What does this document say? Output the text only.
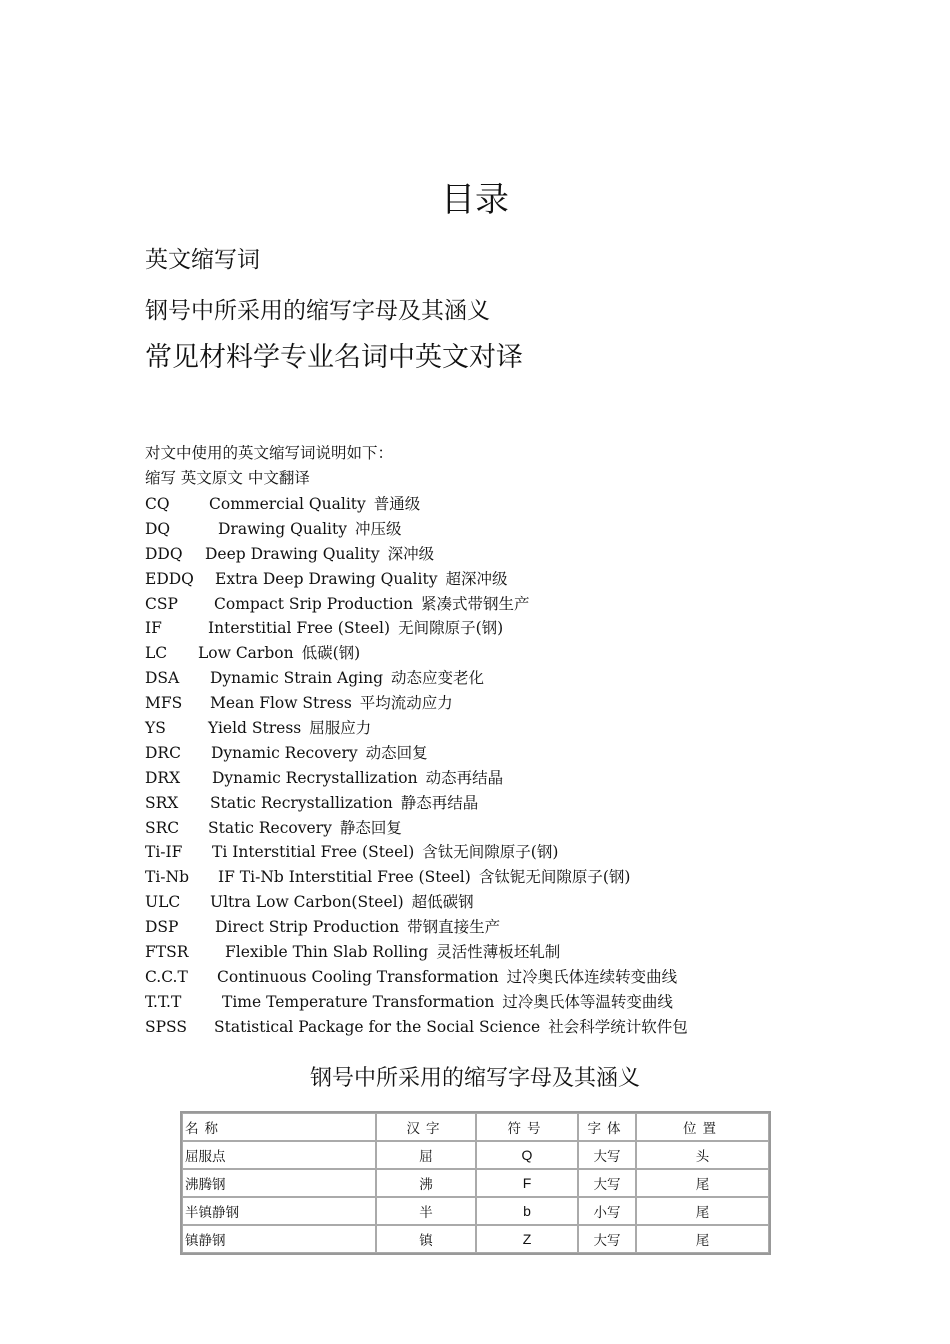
目录
英文缩写词
钢号中所采用的缩写字母及其涵义
常见材料学专业名词中英文对译
对文中使用的英文缩写词说明如下：
缩写 英文原文 中文翻译
CQ	Commercial Quality 普通级
DQ	Drawing Quality 冲压级
DDQ Deep Drawing Quality 深冲级
EDDQ Extra Deep Drawing Quality 超深冲级
CSP Compact Srip Production 紧凑式带钢生产
IF	Interstitial Free (Steel) 无间隙原子(钢)
LC Low Carbon 低碳(钢)
DSA Dynamic Strain Aging 动态应变老化
MFS Mean Flow Stress 平均流动应力
YS	Yield Stress 屈服应力
DRC Dynamic Recovery 动态回复
DRX Dynamic Recrystallization 动态再结晶
SRX Static Recrystallization 静态再结晶
SRC Static Recovery 静态回复
Ti-IF Ti Interstitial Free (Steel) 含钛无间隙原子(钢)
Ti-Nb IF Ti-Nb Interstitial Free (Steel) 含钛铌无间隙原子(钢)
ULC Ultra Low Carbon(Steel) 超低碳钢
DSP Direct Strip Production 带钢直接生产
FTSR Flexible Thin Slab Rolling 灵活性薄板坯轧制
C.C.T Continuous Cooling Transformation 过冷奥氏体连续转变曲线
T.T.T	Time Temperature Transformation 过冷奥氏体等温转变曲线
SPSS Statistical Package for the Social Science 社会科学统计软件包
钢号中所采用的缩写字母及其涵义
名称	汉字	符号	字体	位置
屈服点	屈	Q	大写	头
沸腾钢	沸	F	大写	尾
半镇静钢	半	b	小写	尾
镇静钢	镇	Z	大写	尾
